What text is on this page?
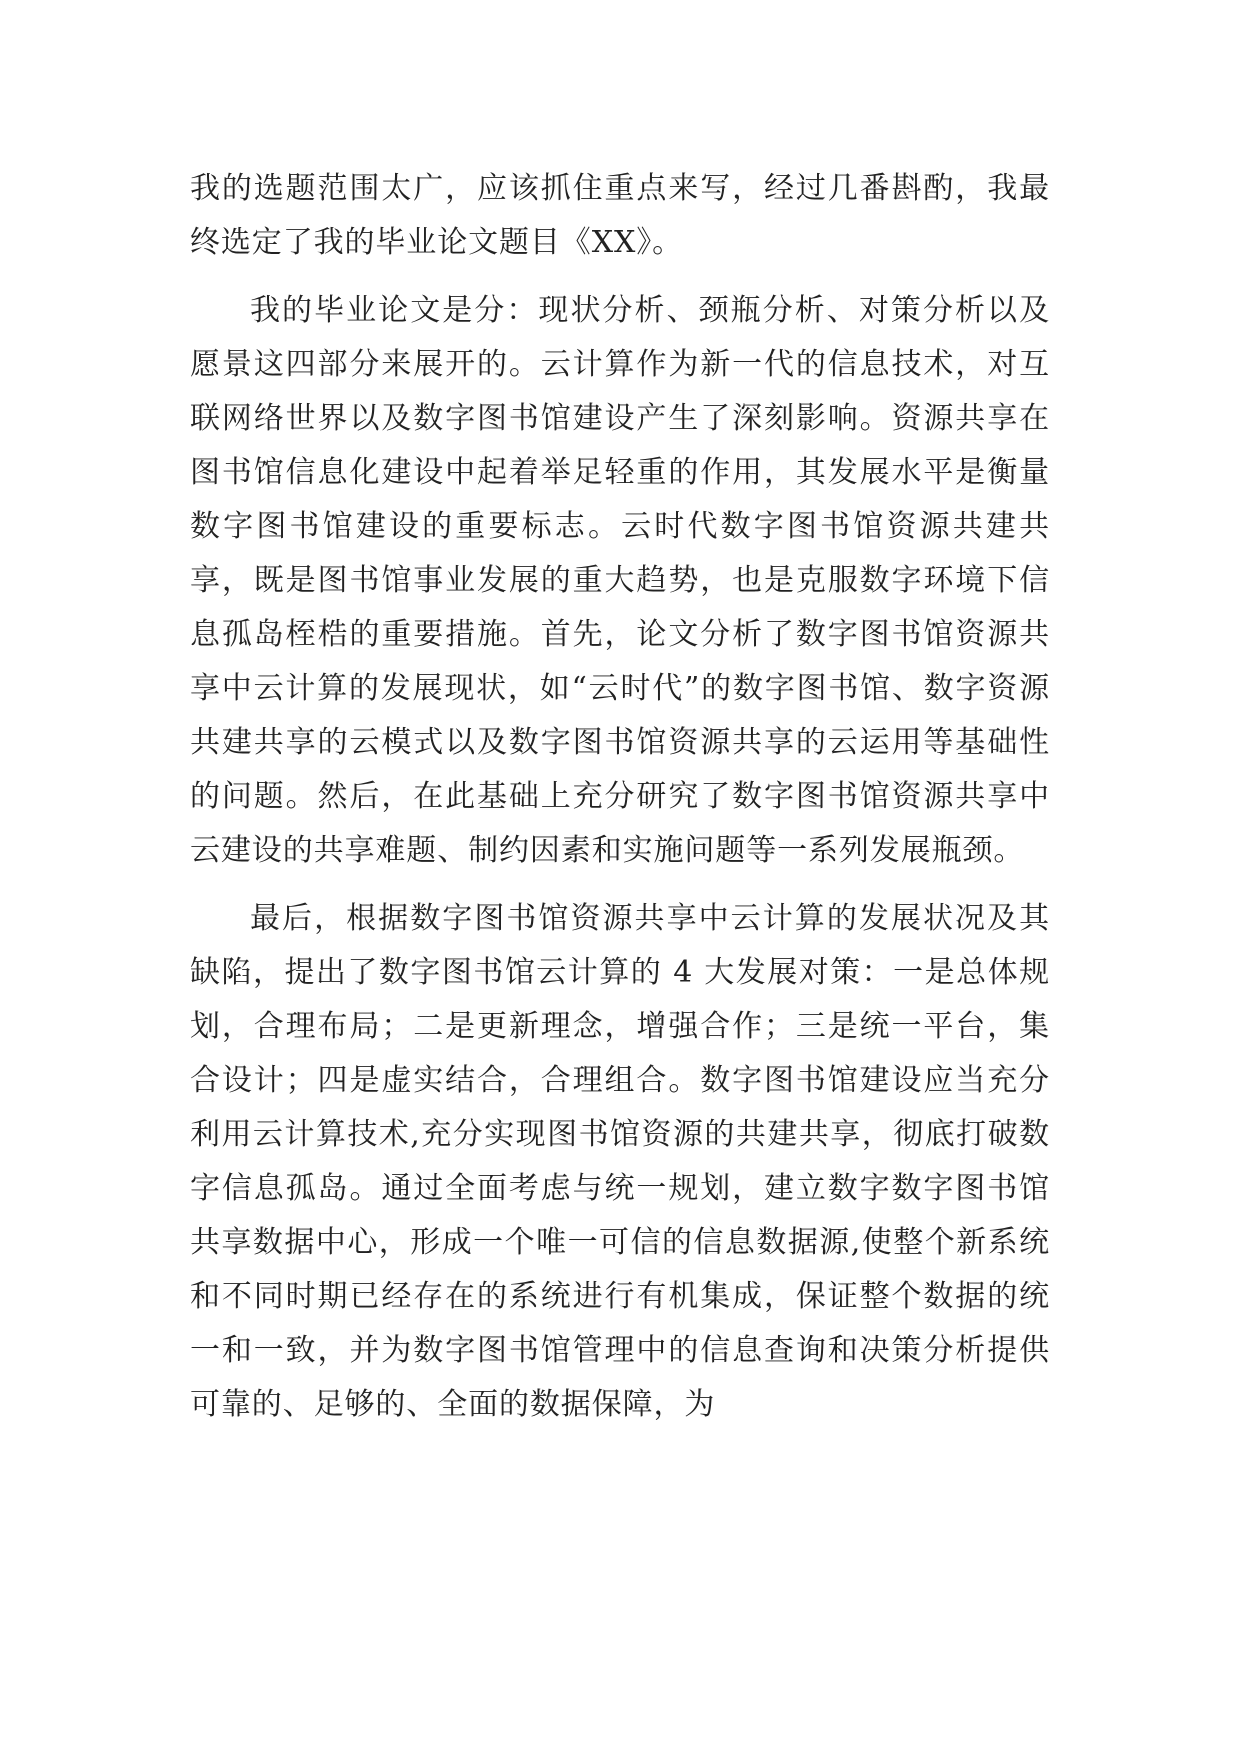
我的选题范围太广，应该抓住重点来写，经过几番斟酌，我最终选定了我的毕业论文题目《XX》。

我的毕业论文是分：现状分析、颈瓶分析、对策分析以及愿景这四部分来展开的。云计算作为新一代的信息技术，对互联网络世界以及数字图书馆建设产生了深刻影响。资源共享在图书馆信息化建设中起着举足轻重的作用，其发展水平是衡量数字图书馆建设的重要标志。云时代数字图书馆资源共建共享，既是图书馆事业发展的重大趋势，也是克服数字环境下信息孤岛桎梏的重要措施。首先，论文分析了数字图书馆资源共享中云计算的发展现状，如“云时代”的数字图书馆、数字资源共建共享的云模式以及数字图书馆资源共享的云运用等基础性的问题。然后，在此基础上充分研究了数字图书馆资源共享中云建设的共享难题、制约因素和实施问题等一系列发展瓶颈。

最后，根据数字图书馆资源共享中云计算的发展状况及其缺陷，提出了数字图书馆云计算的 4 大发展对策：一是总体规划，合理布局；二是更新理念，增强合作；三是统一平台，集合设计；四是虚实结合，合理组合。数字图书馆建设应当充分利用云计算技术,充分实现图书馆资源的共建共享，彻底打破数字信息孤岛。通过全面考虑与统一规划，建立数字数字图书馆共享数据中心，形成一个唯一可信的信息数据源,使整个新系统和不同时期已经存在的系统进行有机集成，保证整个数据的统一和一致，并为数字图书馆管理中的信息查询和决策分析提供可靠的、足够的、全面的数据保障，为
